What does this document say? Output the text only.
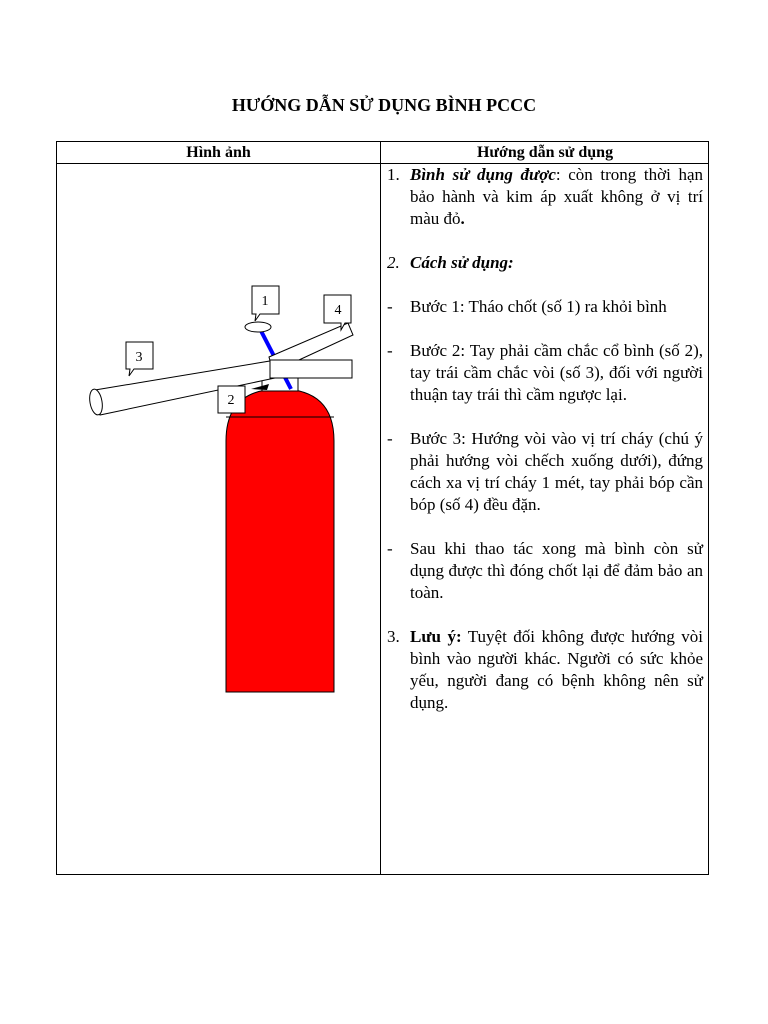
HƯỚNG DẪN SỬ DỤNG BÌNH PCCC
Hình ảnh	Hướng dẫn sử dụng
1
4
3
2
1. Bình sử dụng được: còn trong thời hạn bảo hành và kim áp xuất không ở vị trí màu đỏ.
2. Cách sử dụng:
-	Bước 1: Tháo chốt (số 1) ra khỏi bình
-	Bước 2: Tay phải cầm chắc cổ bình (số 2), tay trái cầm chắc vòi (số 3), đối với người thuận tay trái thì cầm ngược lại.
-	Bước 3: Hướng vòi vào vị trí cháy (chú ý phải hướng vòi chếch xuống dưới), đứng cách xa vị trí cháy 1 mét, tay phải bóp cần bóp (số 4) đều đặn.
-	Sau khi thao tác xong mà bình còn sử dụng được thì đóng chốt lại để đảm bảo an toàn.
3. Lưu ý: Tuyệt đối không được hướng vòi bình vào người khác. Người có sức khỏe yếu, người đang có bệnh không nên sử dụng.
